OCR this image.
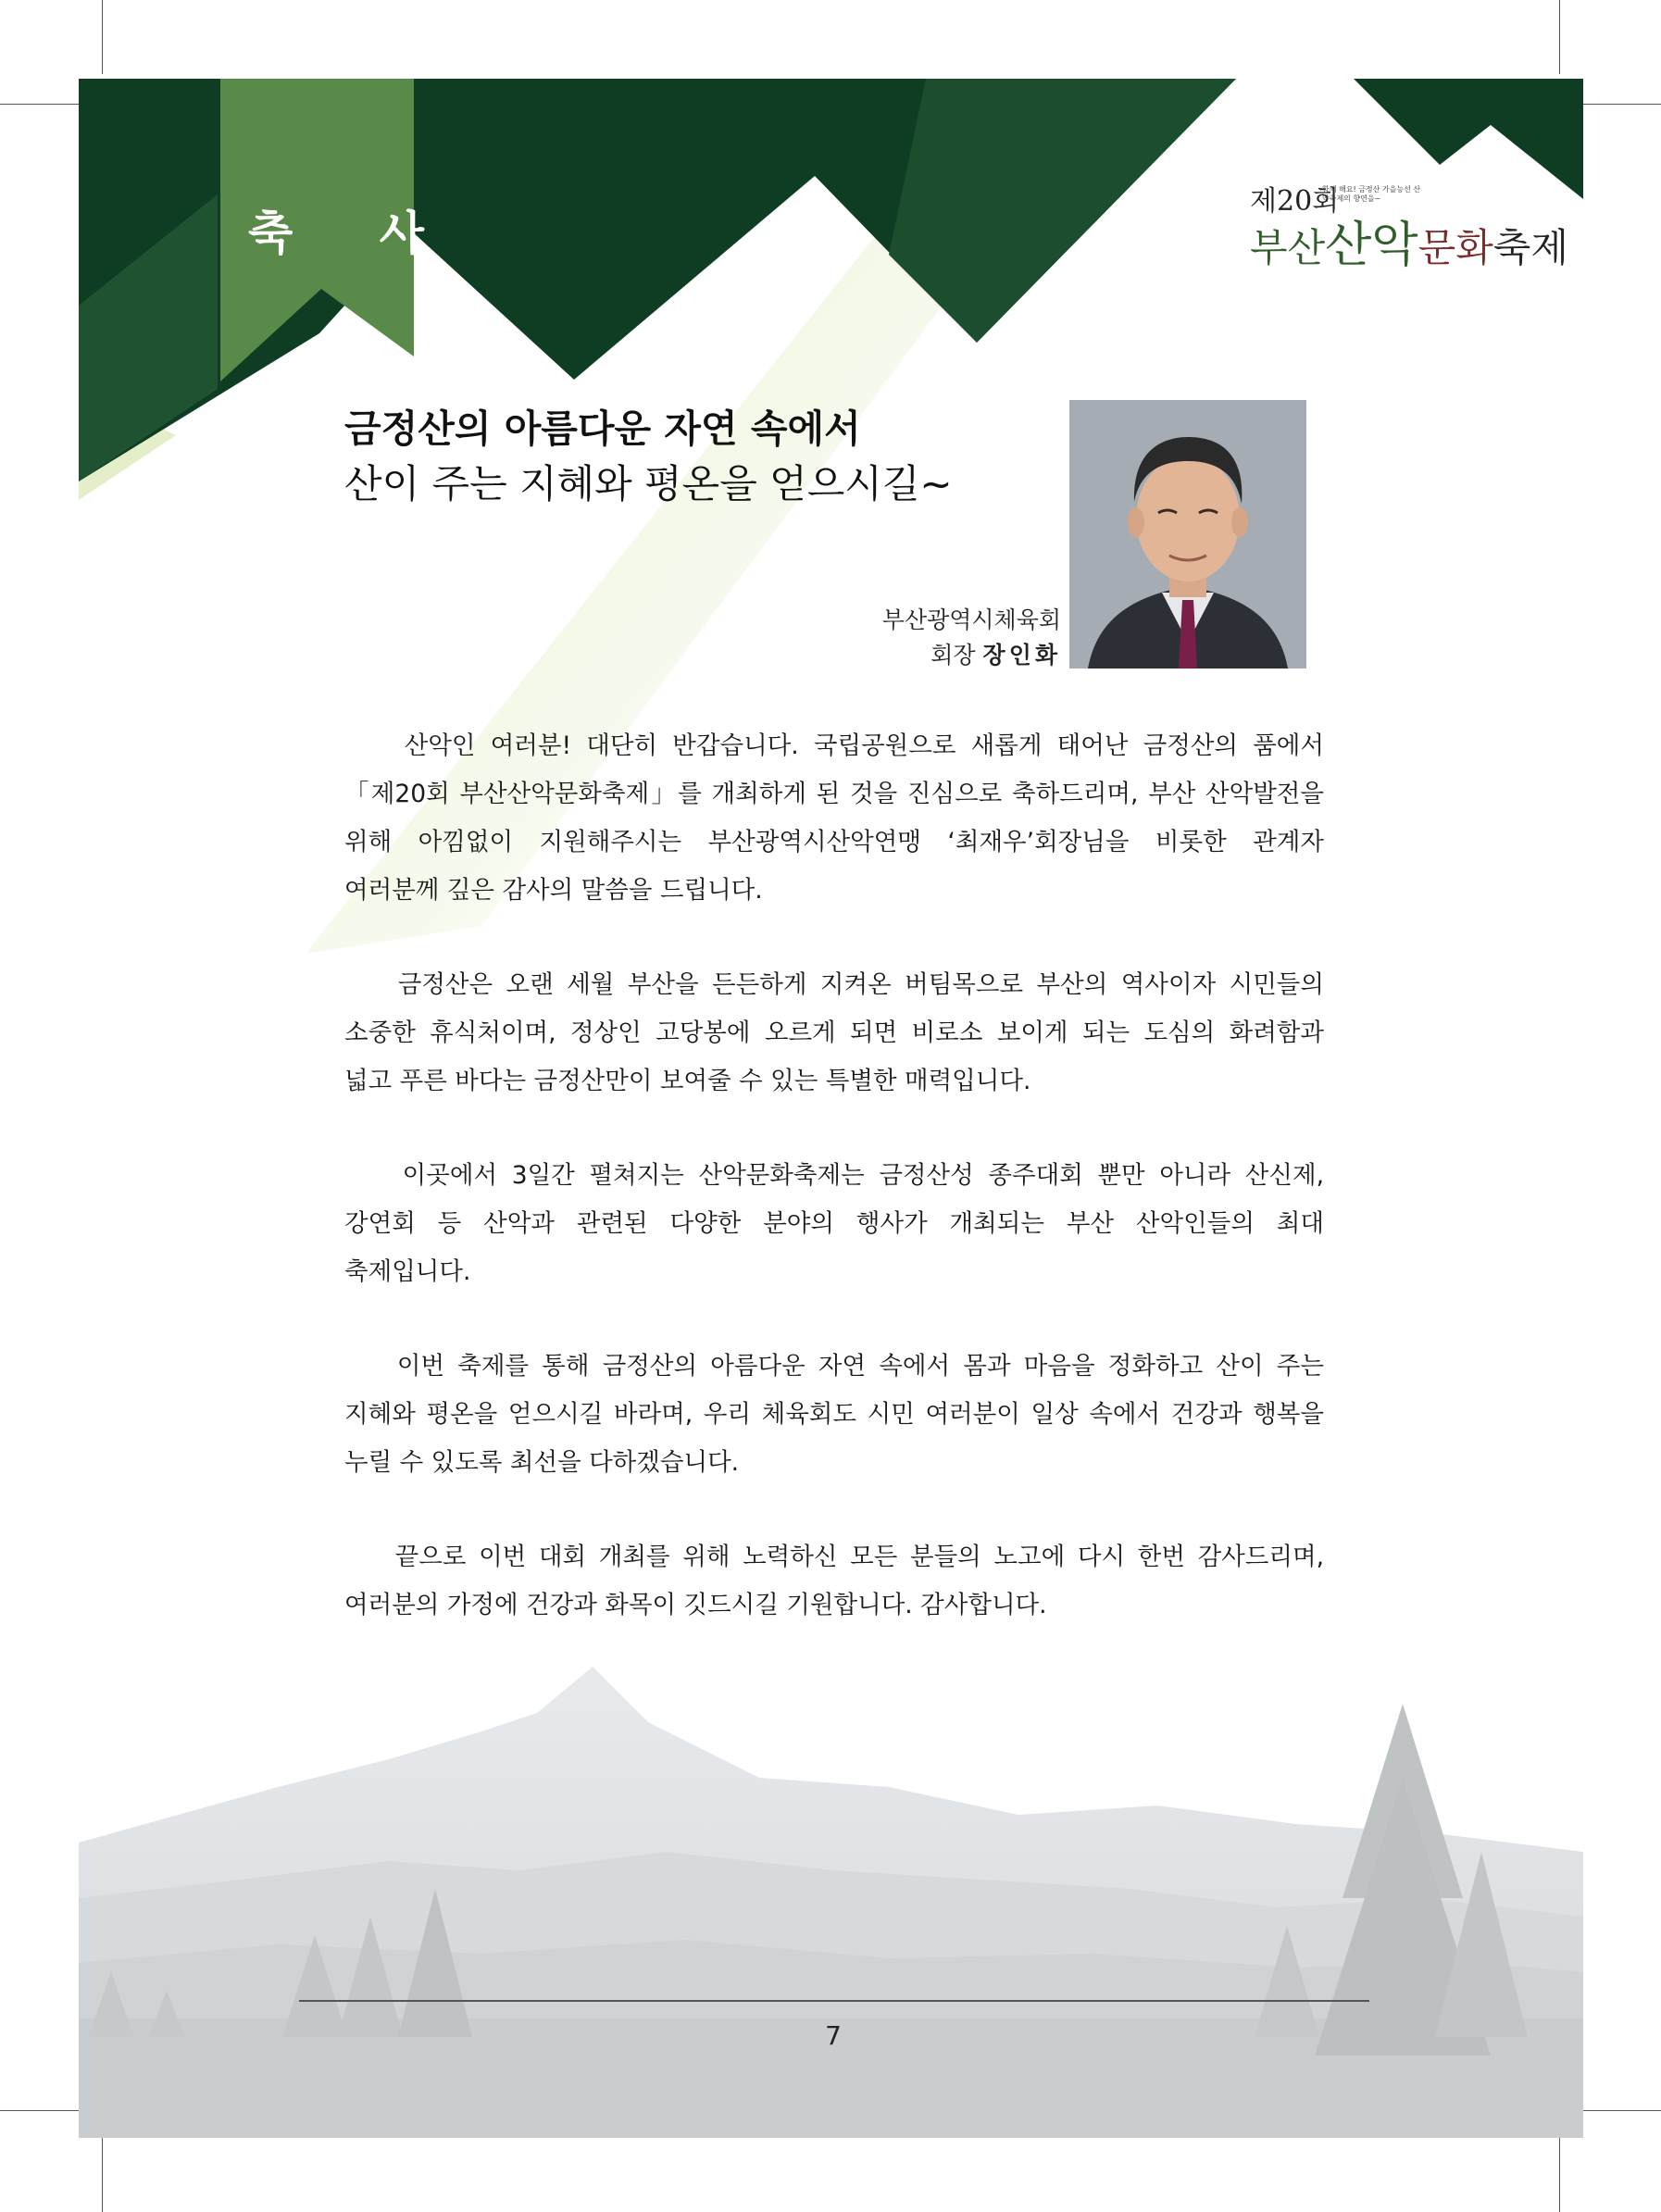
축 사
제20회
함께 해요! 금정산 가을능선 산악축제의 향연을~
부산산악문화축제
금정산의 아름다운 자연 속에서
산이 주는 지혜와 평온을 얻으시길~
부산광역시체육회
회장 장인화
산악인 여러분! 대단히 반갑습니다. 국립공원으로 새롭게 태어난 금정산의 품에서
「제20회 부산산악문화축제」를 개최하게 된 것을 진심으로 축하드리며, 부산 산악발전을
위해 아낌없이 지원해주시는 부산광역시산악연맹 ‘최재우’회장님을 비롯한 관계자
여러분께 깊은 감사의 말씀을 드립니다.
금정산은 오랜 세월 부산을 든든하게 지켜온 버팀목으로 부산의 역사이자 시민들의
소중한 휴식처이며, 정상인 고당봉에 오르게 되면 비로소 보이게 되는 도심의 화려함과
넓고 푸른 바다는 금정산만이 보여줄 수 있는 특별한 매력입니다.
이곳에서 3일간 펼쳐지는 산악문화축제는 금정산성 종주대회 뿐만 아니라 산신제,
강연회 등 산악과 관련된 다양한 분야의 행사가 개최되는 부산 산악인들의 최대
축제입니다.
이번 축제를 통해 금정산의 아름다운 자연 속에서 몸과 마음을 정화하고 산이 주는
지혜와 평온을 얻으시길 바라며, 우리 체육회도 시민 여러분이 일상 속에서 건강과 행복을
누릴 수 있도록 최선을 다하겠습니다.
끝으로 이번 대회 개최를 위해 노력하신 모든 분들의 노고에 다시 한번 감사드리며,
여러분의 가정에 건강과 화목이 깃드시길 기원합니다. 감사합니다.
7
